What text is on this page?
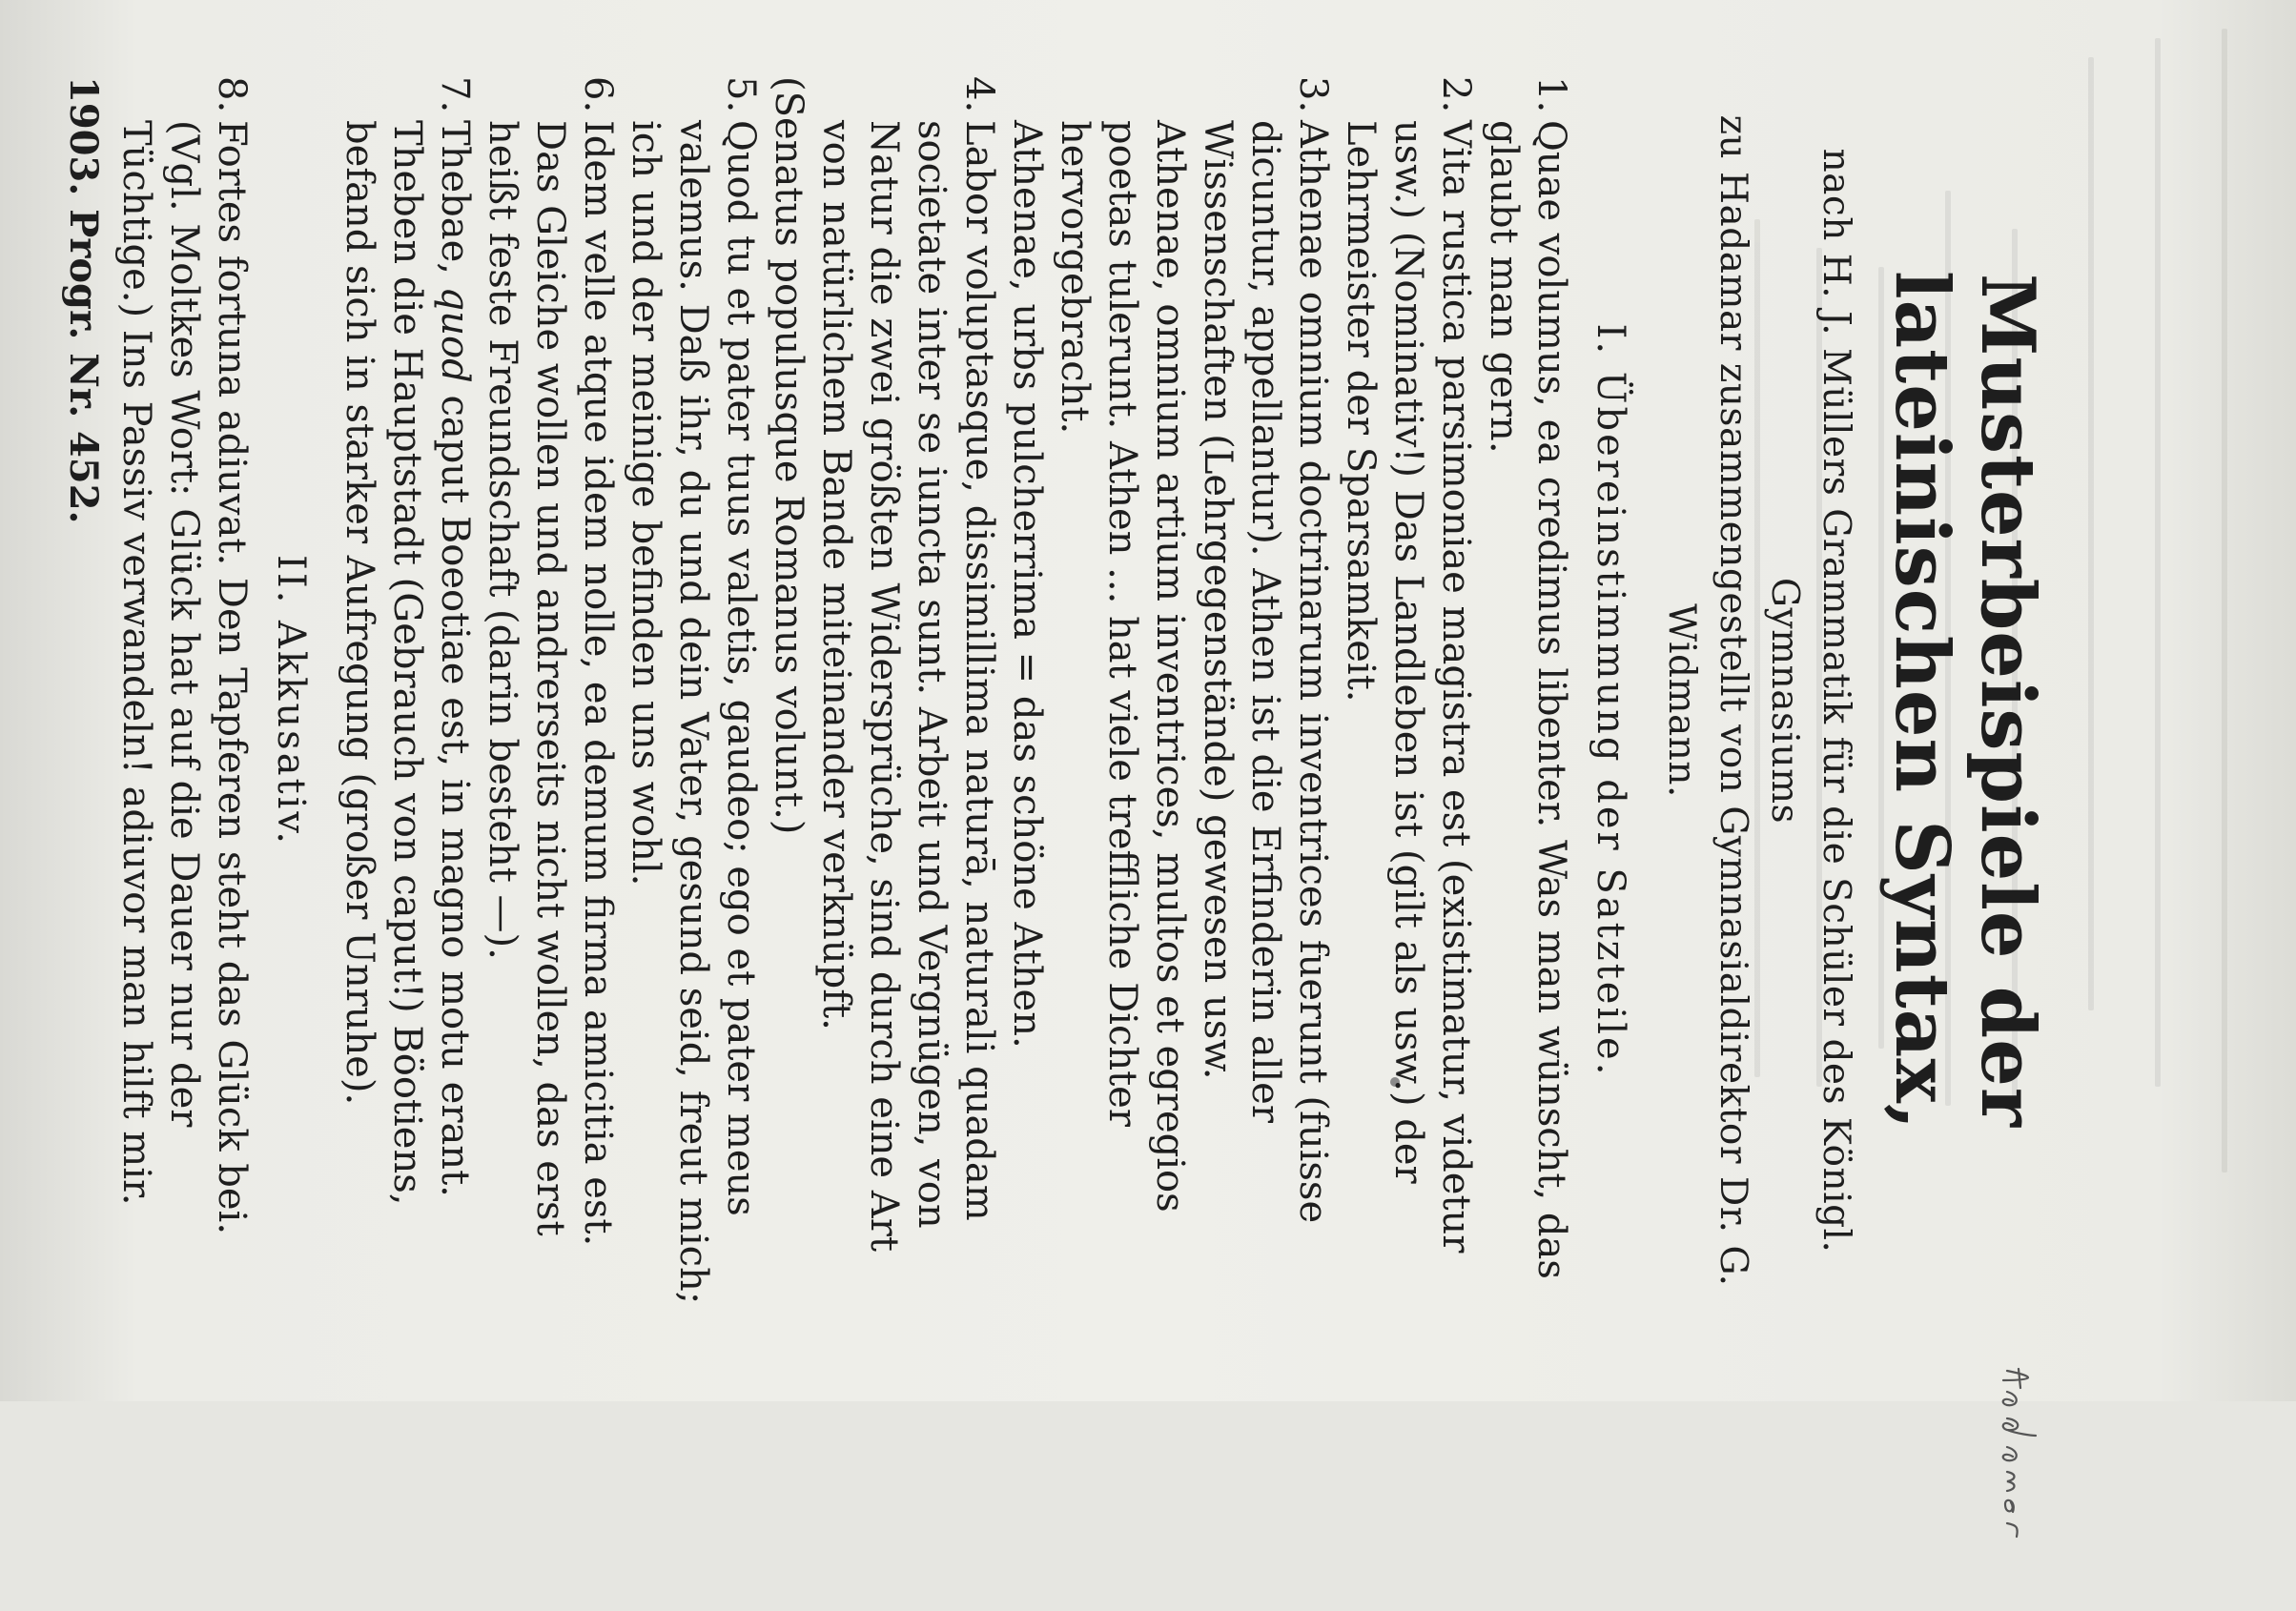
Musterbeispiele der lateinischen Syntax,
nach H. J. Müllers Grammatik für die Schüler des Königl. Gymnasiums
zu Hadamar zusammengestellt von Gymnasialdirektor Dr. G. Widmann.
I. Übereinstimmung der Satzteile.
1.
Quae volumus, ea credimus libenter. Was man wünscht, das glaubt man gern.
2.
Vita rustica parsimoniae magistra est (existimatur, videtur usw.) (Nominativ!) Das Landleben ist (gilt als usw.) der Lehrmeister der Sparsamkeit.
3.
Athenae omnium doctrinarum inventrices fuerunt (fuisse dicuntur, appellantur). Athen ist die Erfinderin aller Wissenschaften (Lehrgegenstände) gewesen usw.
Athenae, omnium artium inventrices, multos et egregios poetas tulerunt. Athen ... hat viele treffliche Dichter hervorgebracht.
Athenae, urbs pulcherrima = das schöne Athen.
4.
Labor voluptasque, dissimillima naturā, naturali quadam societate inter se iuncta sunt. Arbeit und Vergnügen, von Natur die zwei größten Widersprüche, sind durch eine Art von natürlichem Bande miteinander verknüpft.
(Senatus populusque Romanus volunt.)
5.
Quod tu et pater tuus valetis, gaudeo; ego et pater meus valemus. Daß ihr, du und dein Vater, gesund seid, freut mich; ich und der meinige befinden uns wohl.
6.
Idem velle atque idem nolle, ea demum firma amicitia est. Das Gleiche wollen und andrerseits nicht wollen, das erst heißt feste Freundschaft (darin besteht —).
7.
Thebae, quod caput Boeotiae est, in magno motu erant. Theben die Hauptstadt (Gebrauch von caput!) Böotiens, befand sich in starker Aufregung (großer Unruhe).
II. Akkusativ.
8.
Fortes fortuna adiuvat. Den Tapferen steht das Glück bei. (Vgl. Moltkes Wort: Glück hat auf die Dauer nur der Tüchtige.) Ins Passiv verwandeln! adiuvor man hilft mir.
1903. Progr. Nr. 452.
